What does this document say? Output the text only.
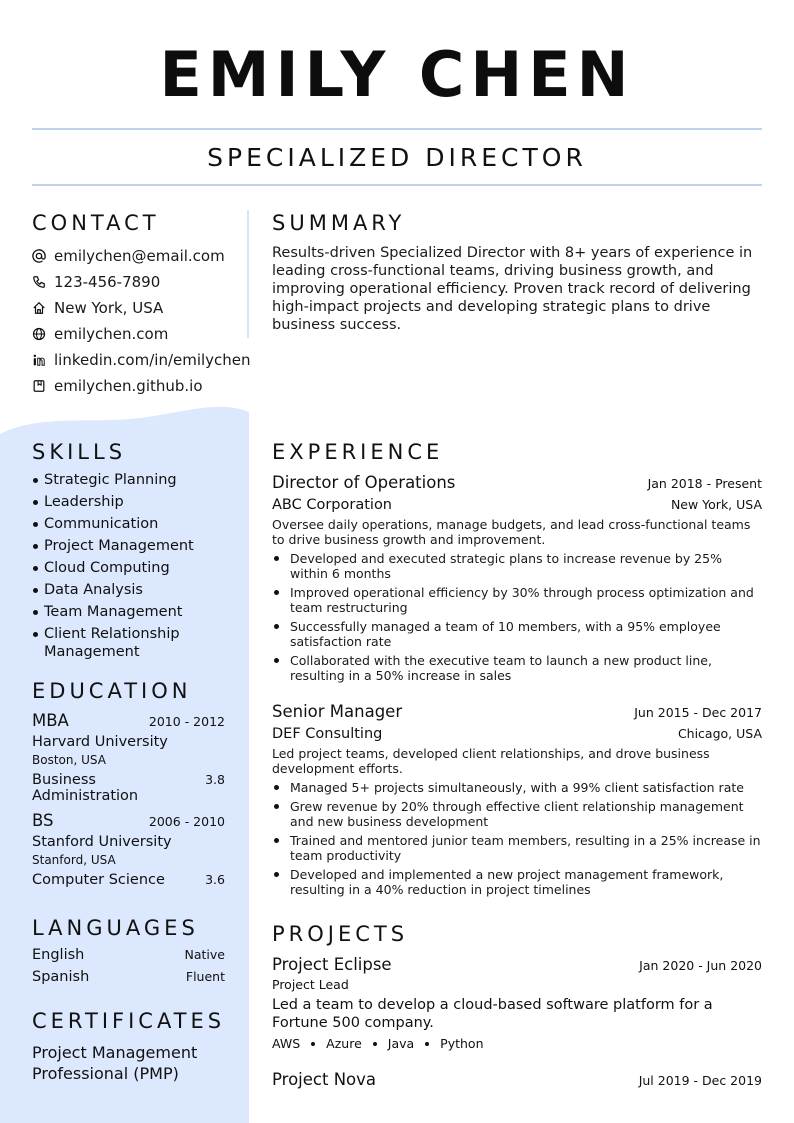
EMILY CHEN
SPECIALIZED DIRECTOR
CONTACT
emilychen@email.com
123-456-7890
New York, USA
emilychen.com
linkedin.com/in/emilychen
emilychen.github.io
SKILLS
Strategic Planning
Leadership
Communication
Project Management
Cloud Computing
Data Analysis
Team Management
Client Relationship Management
EDUCATION
MBA	2010 - 2012
Harvard University
Boston, USA
Business Administration
3.8
BS	2006 - 2010
Stanford University
Stanford, USA
Computer Science	3.6
LANGUAGES
English	Native
Spanish	Fluent
CERTIFICATES
Project Management Professional (PMP)
SUMMARY
Results-driven Specialized Director with 8+ years of experience in leading cross-functional teams, driving business growth, and improving operational efficiency. Proven track record of delivering high-impact projects and developing strategic plans to drive business success.
EXPERIENCE
Director of Operations	Jan 2018 - Present
ABC Corporation	New York, USA
Oversee daily operations, manage budgets, and lead cross-functional teams to drive business growth and improvement.
Developed and executed strategic plans to increase revenue by 25% within 6 months
Improved operational efficiency by 30% through process optimization and team restructuring
Successfully managed a team of 10 members, with a 95% employee satisfaction rate
Collaborated with the executive team to launch a new product line, resulting in a 50% increase in sales
Senior Manager	Jun 2015 - Dec 2017
DEF Consulting	Chicago, USA
Led project teams, developed client relationships, and drove business development efforts.
Managed 5+ projects simultaneously, with a 99% client satisfaction rate
Grew revenue by 20% through effective client relationship management and new business development
Trained and mentored junior team members, resulting in a 25% increase in team productivity
Developed and implemented a new project management framework, resulting in a 40% reduction in project timelines
PROJECTS
Project Eclipse	Jan 2020 - Jun 2020
Project Lead
Led a team to develop a cloud-based software platform for a Fortune 500 company.
AWS Azure Java Python
Project Nova	Jul 2019 - Dec 2019
